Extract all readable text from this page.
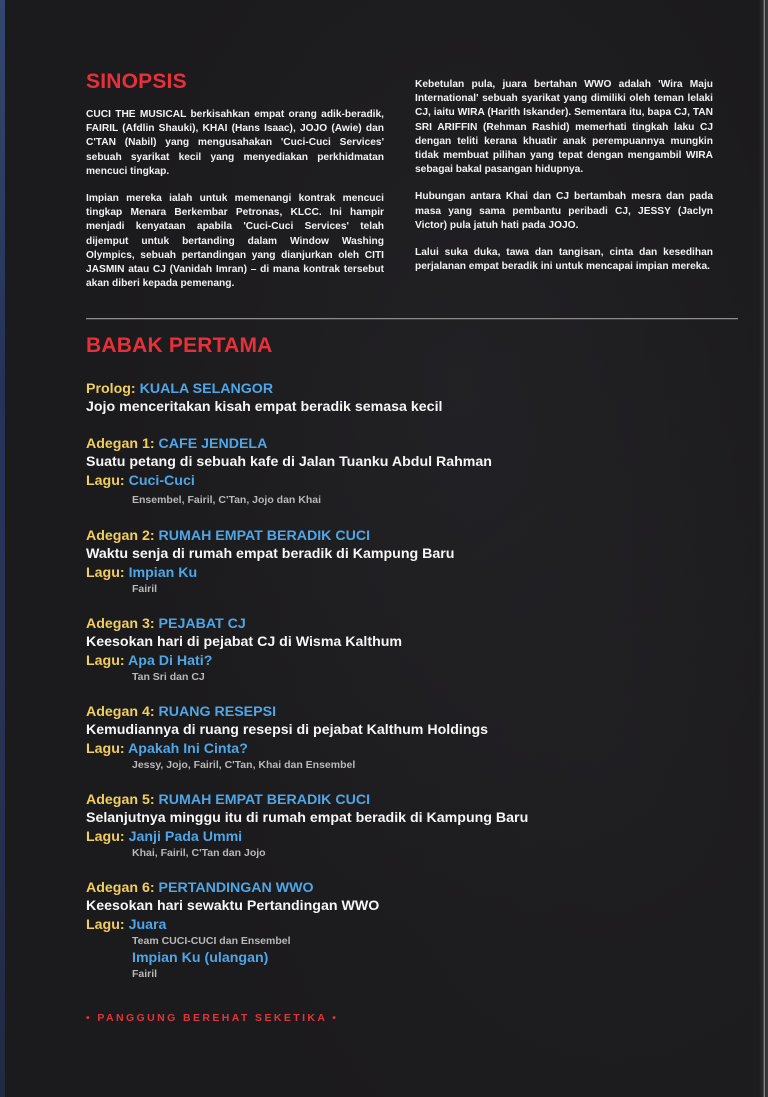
SINOPSIS

CUCI THE MUSICAL berkisahkan empat orang adik-beradik, FAIRIL (Afdlin Shauki), KHAI (Hans Isaac), JOJO (Awie) dan C'TAN (Nabil) yang mengusahakan 'Cuci-Cuci Services' sebuah syarikat kecil yang menyediakan perkhidmatan mencuci tingkap.

Impian mereka ialah untuk memenangi kontrak mencuci tingkap Menara Berkembar Petronas, KLCC. Ini hampir menjadi kenyataan apabila 'Cuci-Cuci Services' telah dijemput untuk bertanding dalam Window Washing Olympics, sebuah pertandingan yang dianjurkan oleh CITI JASMIN atau CJ (Vanidah Imran) – di mana kontrak tersebut akan diberi kepada pemenang.

Kebetulan pula, juara bertahan WWO adalah 'Wira Maju International' sebuah syarikat yang dimiliki oleh teman lelaki CJ, iaitu WIRA (Harith Iskander). Sementara itu, bapa CJ, TAN SRI ARIFFIN (Rehman Rashid) memerhati tingkah laku CJ dengan teliti kerana khuatir anak perempuannya mungkin tidak membuat pilihan yang tepat dengan mengambil WIRA sebagai bakal pasangan hidupnya.

Hubungan antara Khai dan CJ bertambah mesra dan pada masa yang sama pembantu peribadi CJ, JESSY (Jaclyn Victor) pula jatuh hati pada JOJO.

Lalui suka duka, tawa dan tangisan, cinta dan kesedihan perjalanan empat beradik ini untuk mencapai impian mereka.

BABAK PERTAMA
Prolog: KUALA SELANGOR
Jojo menceritakan kisah empat beradik semasa kecil
Adegan 1: CAFE JENDELA
Suatu petang di sebuah kafe di Jalan Tuanku Abdul Rahman
Lagu: Cuci-Cuci
Ensembel, Fairil, C'Tan, Jojo dan Khai
Adegan 2: RUMAH EMPAT BERADIK CUCI
Waktu senja di rumah empat beradik di Kampung Baru
Lagu: Impian Ku
Fairil
Adegan 3: PEJABAT CJ
Keesokan hari di pejabat CJ di Wisma Kalthum
Lagu: Apa Di Hati?
Tan Sri dan CJ
Adegan 4: RUANG RESEPSI
Kemudiannya di ruang resepsi di pejabat Kalthum Holdings
Lagu: Apakah Ini Cinta?
Jessy, Jojo, Fairil, C'Tan, Khai dan Ensembel
Adegan 5: RUMAH EMPAT BERADIK CUCI
Selanjutnya minggu itu di rumah empat beradik di Kampung Baru
Lagu: Janji Pada Ummi
Khai, Fairil, C'Tan dan Jojo
Adegan 6: PERTANDINGAN WWO
Keesokan hari sewaktu Pertandingan WWO
Lagu: Juara
Team CUCI-CUCI dan Ensembel
Impian Ku (ulangan)
Fairil
• PANGGUNG BEREHAT SEKETIKA •
